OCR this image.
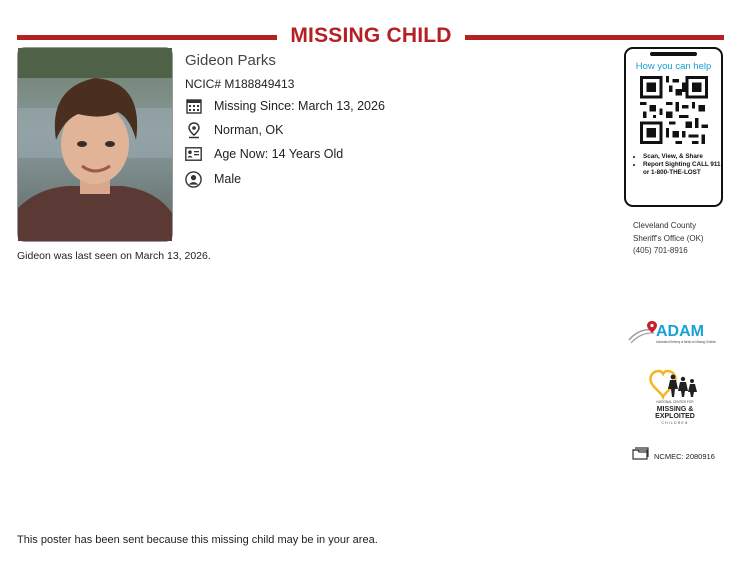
MISSING CHILD
Gideon Parks
NCIC# M188849413
Missing Since: March 13, 2026
Norman, OK
Age Now: 14 Years Old
Male
Gideon was last seen on March 13, 2026.
This poster has been sent because this missing child may be in your area.
How you can help
• Scan, View, & Share
• Report Sighting CALL 911 or 1-800-THE-LOST
Cleveland County
Sheriff's Office (OK)
(405) 701-8916
ADAM
Automated Delivery of Alerts on Missing Children
NATIONAL CENTER FOR
MISSING &
EXPLOITED
CHILDREN
NCMEC: 2080916
